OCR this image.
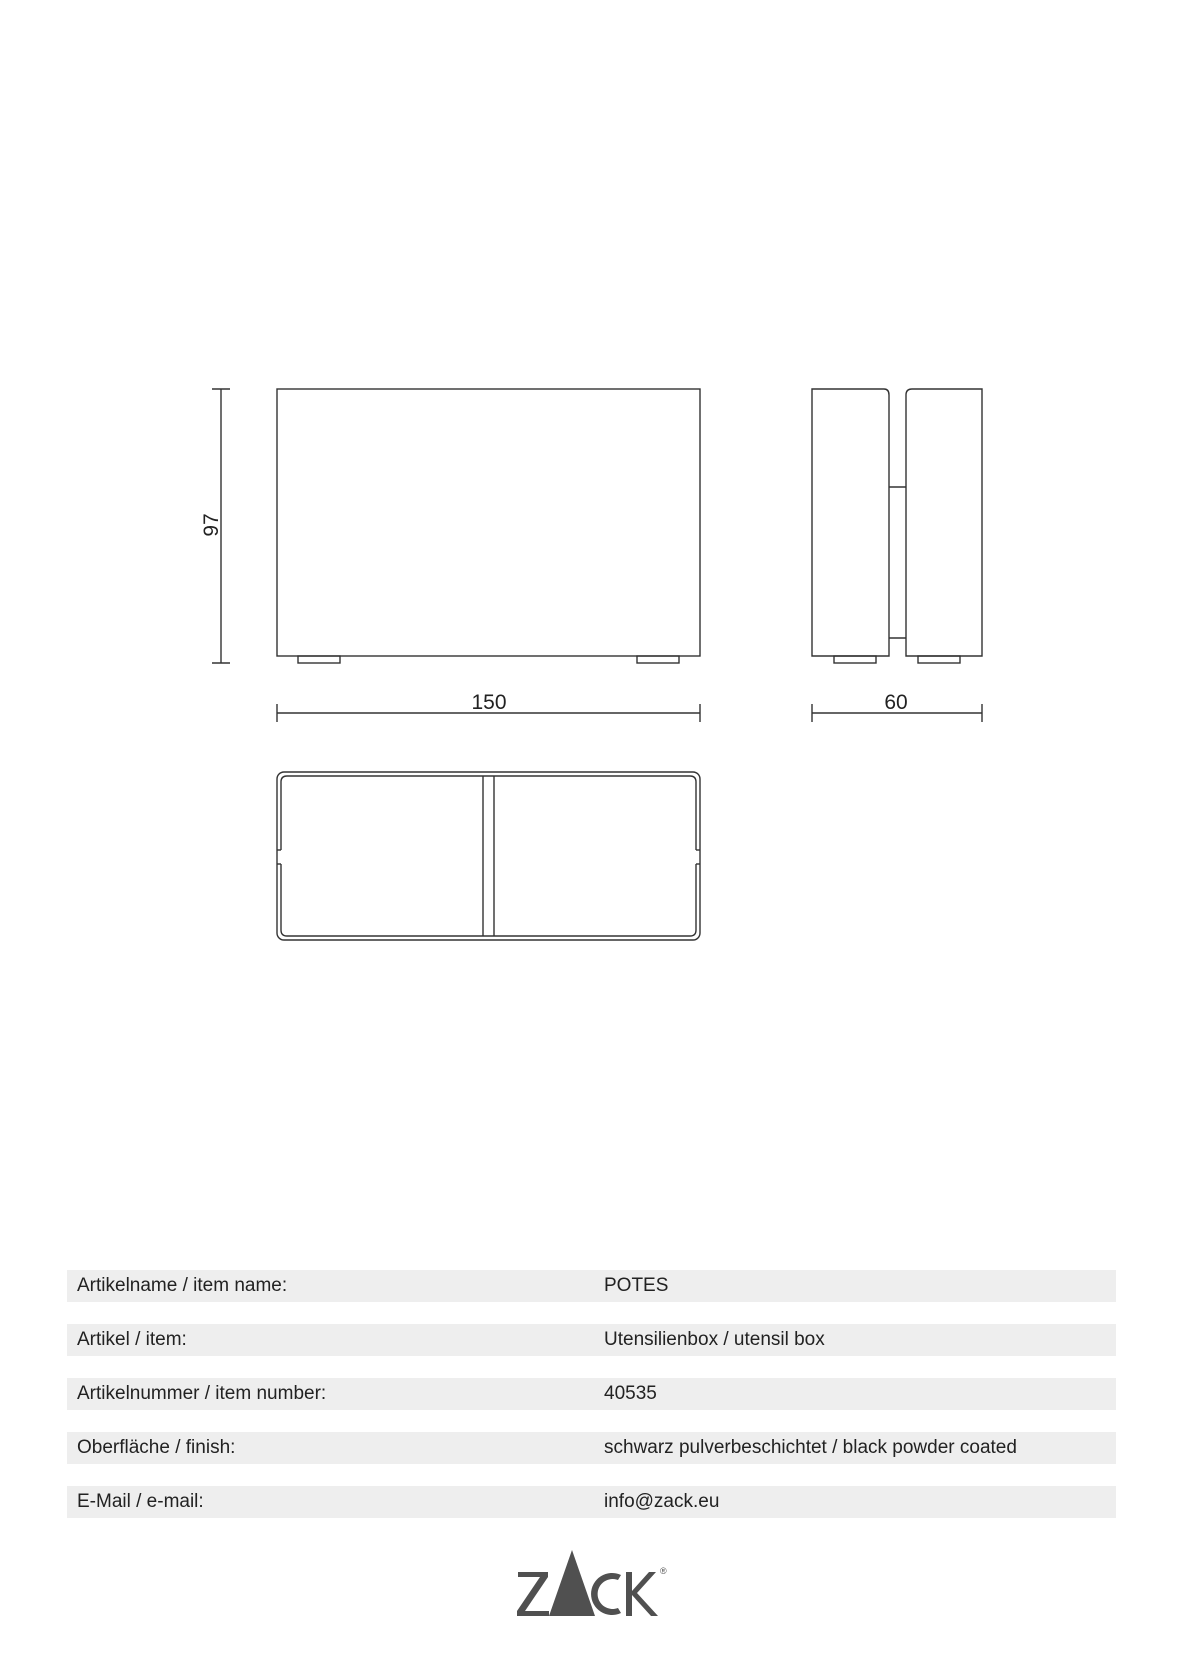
97
150	60
Artikelname / item name:	POTES
Artikel / item:	Utensilienbox / utensil box
Artikelnummer / item number:	40535
Oberfläche / finish:	schwarz pulverbeschichtet / black powder coated
E-Mail / e-mail:	info@zack.eu
®
